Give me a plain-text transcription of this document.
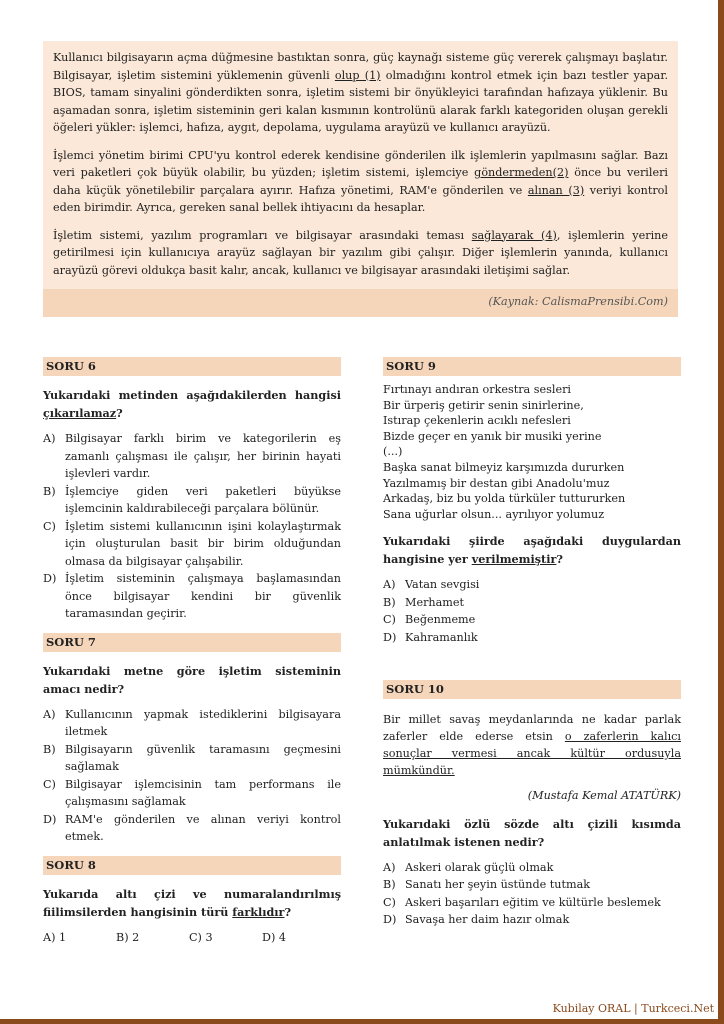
Kullanıcı bilgisayarın açma düğmesine bastıktan sonra, güç kaynağı sisteme güç vererek çalışmayı başlatır. Bilgisayar, işletim sistemini yüklemenin güvenli olup (1) olmadığını kontrol etmek için bazı testler yapar. BIOS, tamam sinyalini gönderdikten sonra, işletim sistemi bir önyükleyici tarafından hafızaya yüklenir. Bu aşamadan sonra, işletim sisteminin geri kalan kısmının kontrolünü alarak farklı kategoriden oluşan gerekli öğeleri yükler: işlemci, hafıza, aygıt, depolama, uygulama arayüzü ve kullanıcı arayüzü.

İşlemci yönetim birimi CPU'yu kontrol ederek kendisine gönderilen ilk işlemlerin yapılmasını sağlar. Bazı veri paketleri çok büyük olabilir, bu yüzden; işletim sistemi, işlemciye göndermeden(2) önce bu verileri daha küçük yönetilebilir parçalara ayırır. Hafıza yönetimi, RAM'e gönderilen ve alınan (3) veriyi kontrol eden birimdir. Ayrıca, gereken sanal bellek ihtiyacını da hesaplar.

İşletim sistemi, yazılım programları ve bilgisayar arasındaki teması sağlayarak (4), işlemlerin yerine getirilmesi için kullanıcıya arayüz sağlayan bir yazılım gibi çalışır. Diğer işlemlerin yanında, kullanıcı arayüzü görevi oldukça basit kalır, ancak, kullanıcı ve bilgisayar arasındaki iletişimi sağlar.

(Kaynak: CalismaPrensibi.Com)
SORU 6
Yukarıdaki metinden aşağıdakilerden hangisi çıkarılamaz?
A) Bilgisayar farklı birim ve kategorilerin eş zamanlı çalışması ile çalışır, her birinin hayati işlevleri vardır.
B) İşlemciye giden veri paketleri büyükse işlemcinin kaldırabileceği parçalara bölünür.
C) İşletim sistemi kullanıcının işini kolaylaştırmak için oluşturulan basit bir birim olduğundan olmasa da bilgisayar çalışabilir.
D) İşletim sisteminin çalışmaya başlamasından önce bilgisayar kendini bir güvenlik taramasından geçirir.
SORU 7
Yukarıdaki metne göre işletim sisteminin amacı nedir?
A) Kullanıcının yapmak istediklerini bilgisayara iletmek
B) Bilgisayarın güvenlik taramasını geçmesini sağlamak
C) Bilgisayar işlemcisinin tam performans ile çalışmasını sağlamak
D) RAM'e gönderilen ve alınan veriyi kontrol etmek.
SORU 8
Yukarıda altı çizi ve numaralandırılmış fiilimsilerden hangisinin türü farklıdır?
A) 1	B) 2	C) 3	D) 4
SORU 9
Fırtınayı andıran orkestra sesleri
Bir ürperiş getirir senin sinirlerine,
Istırap çekenlerin acıklı nefesleri
Bizde geçer en yanık bir musiki yerine
(...)
Başka sanat bilmeyiz karşımızda dururken
Yazılmamış bir destan gibi Anadolu'muz
Arkadaş, biz bu yolda türküler tuttururken
Sana uğurlar olsun... ayrılıyor yolumuz
Yukarıdaki şiirde aşağıdaki duygulardan hangisine yer verilmemiştir?
A) Vatan sevgisi
B) Merhamet
C) Beğenmeme
D) Kahramanlık
SORU 10
Bir millet savaş meydanlarında ne kadar parlak zaferler elde ederse etsin o zaferlerin kalıcı sonuçlar vermesi ancak kültür ordusuyla mümkündür.
(Mustafa Kemal ATATÜRK)
Yukarıdaki özlü sözde altı çizili kısımda anlatılmak istenen nedir?
A) Askeri olarak güçlü olmak
B) Sanatı her şeyin üstünde tutmak
C) Askeri başarıları eğitim ve kültürle beslemek
D) Savaşa her daim hazır olmak
Kubilay ORAL | Turkceci.Net
